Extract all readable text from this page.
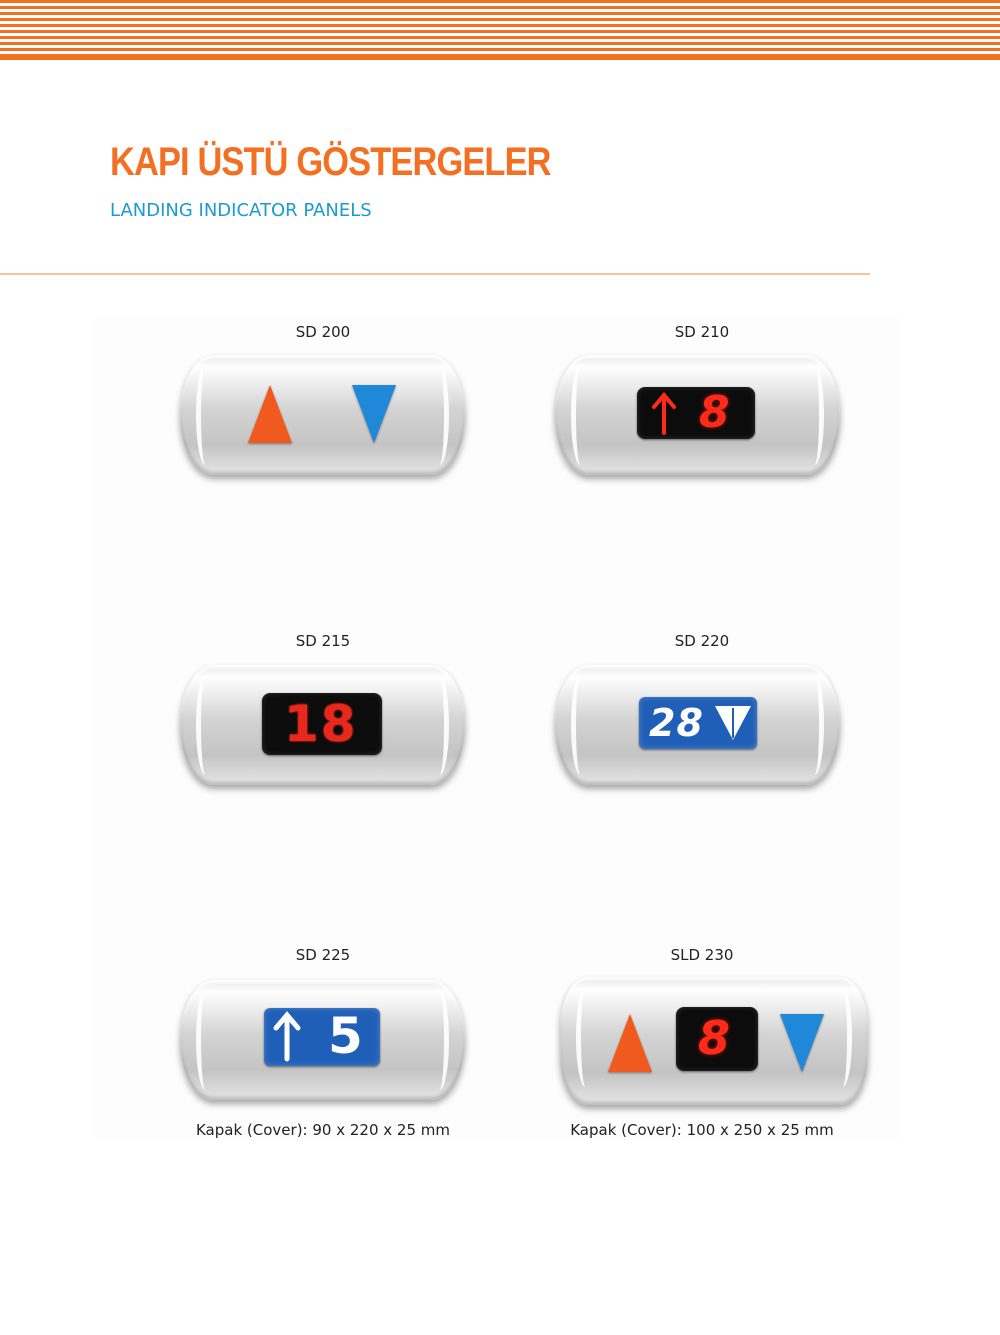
KAPI ÜSTÜ GÖSTERGELER
LANDING INDICATOR PANELS
SD 200	SD 210
8
SD 215
18
SD 220
28
SD 225
5
Kapak (Cover): 90 x 220 x 25 mm
SLD 230
8
Kapak (Cover): 100 x 250 x 25 mm
